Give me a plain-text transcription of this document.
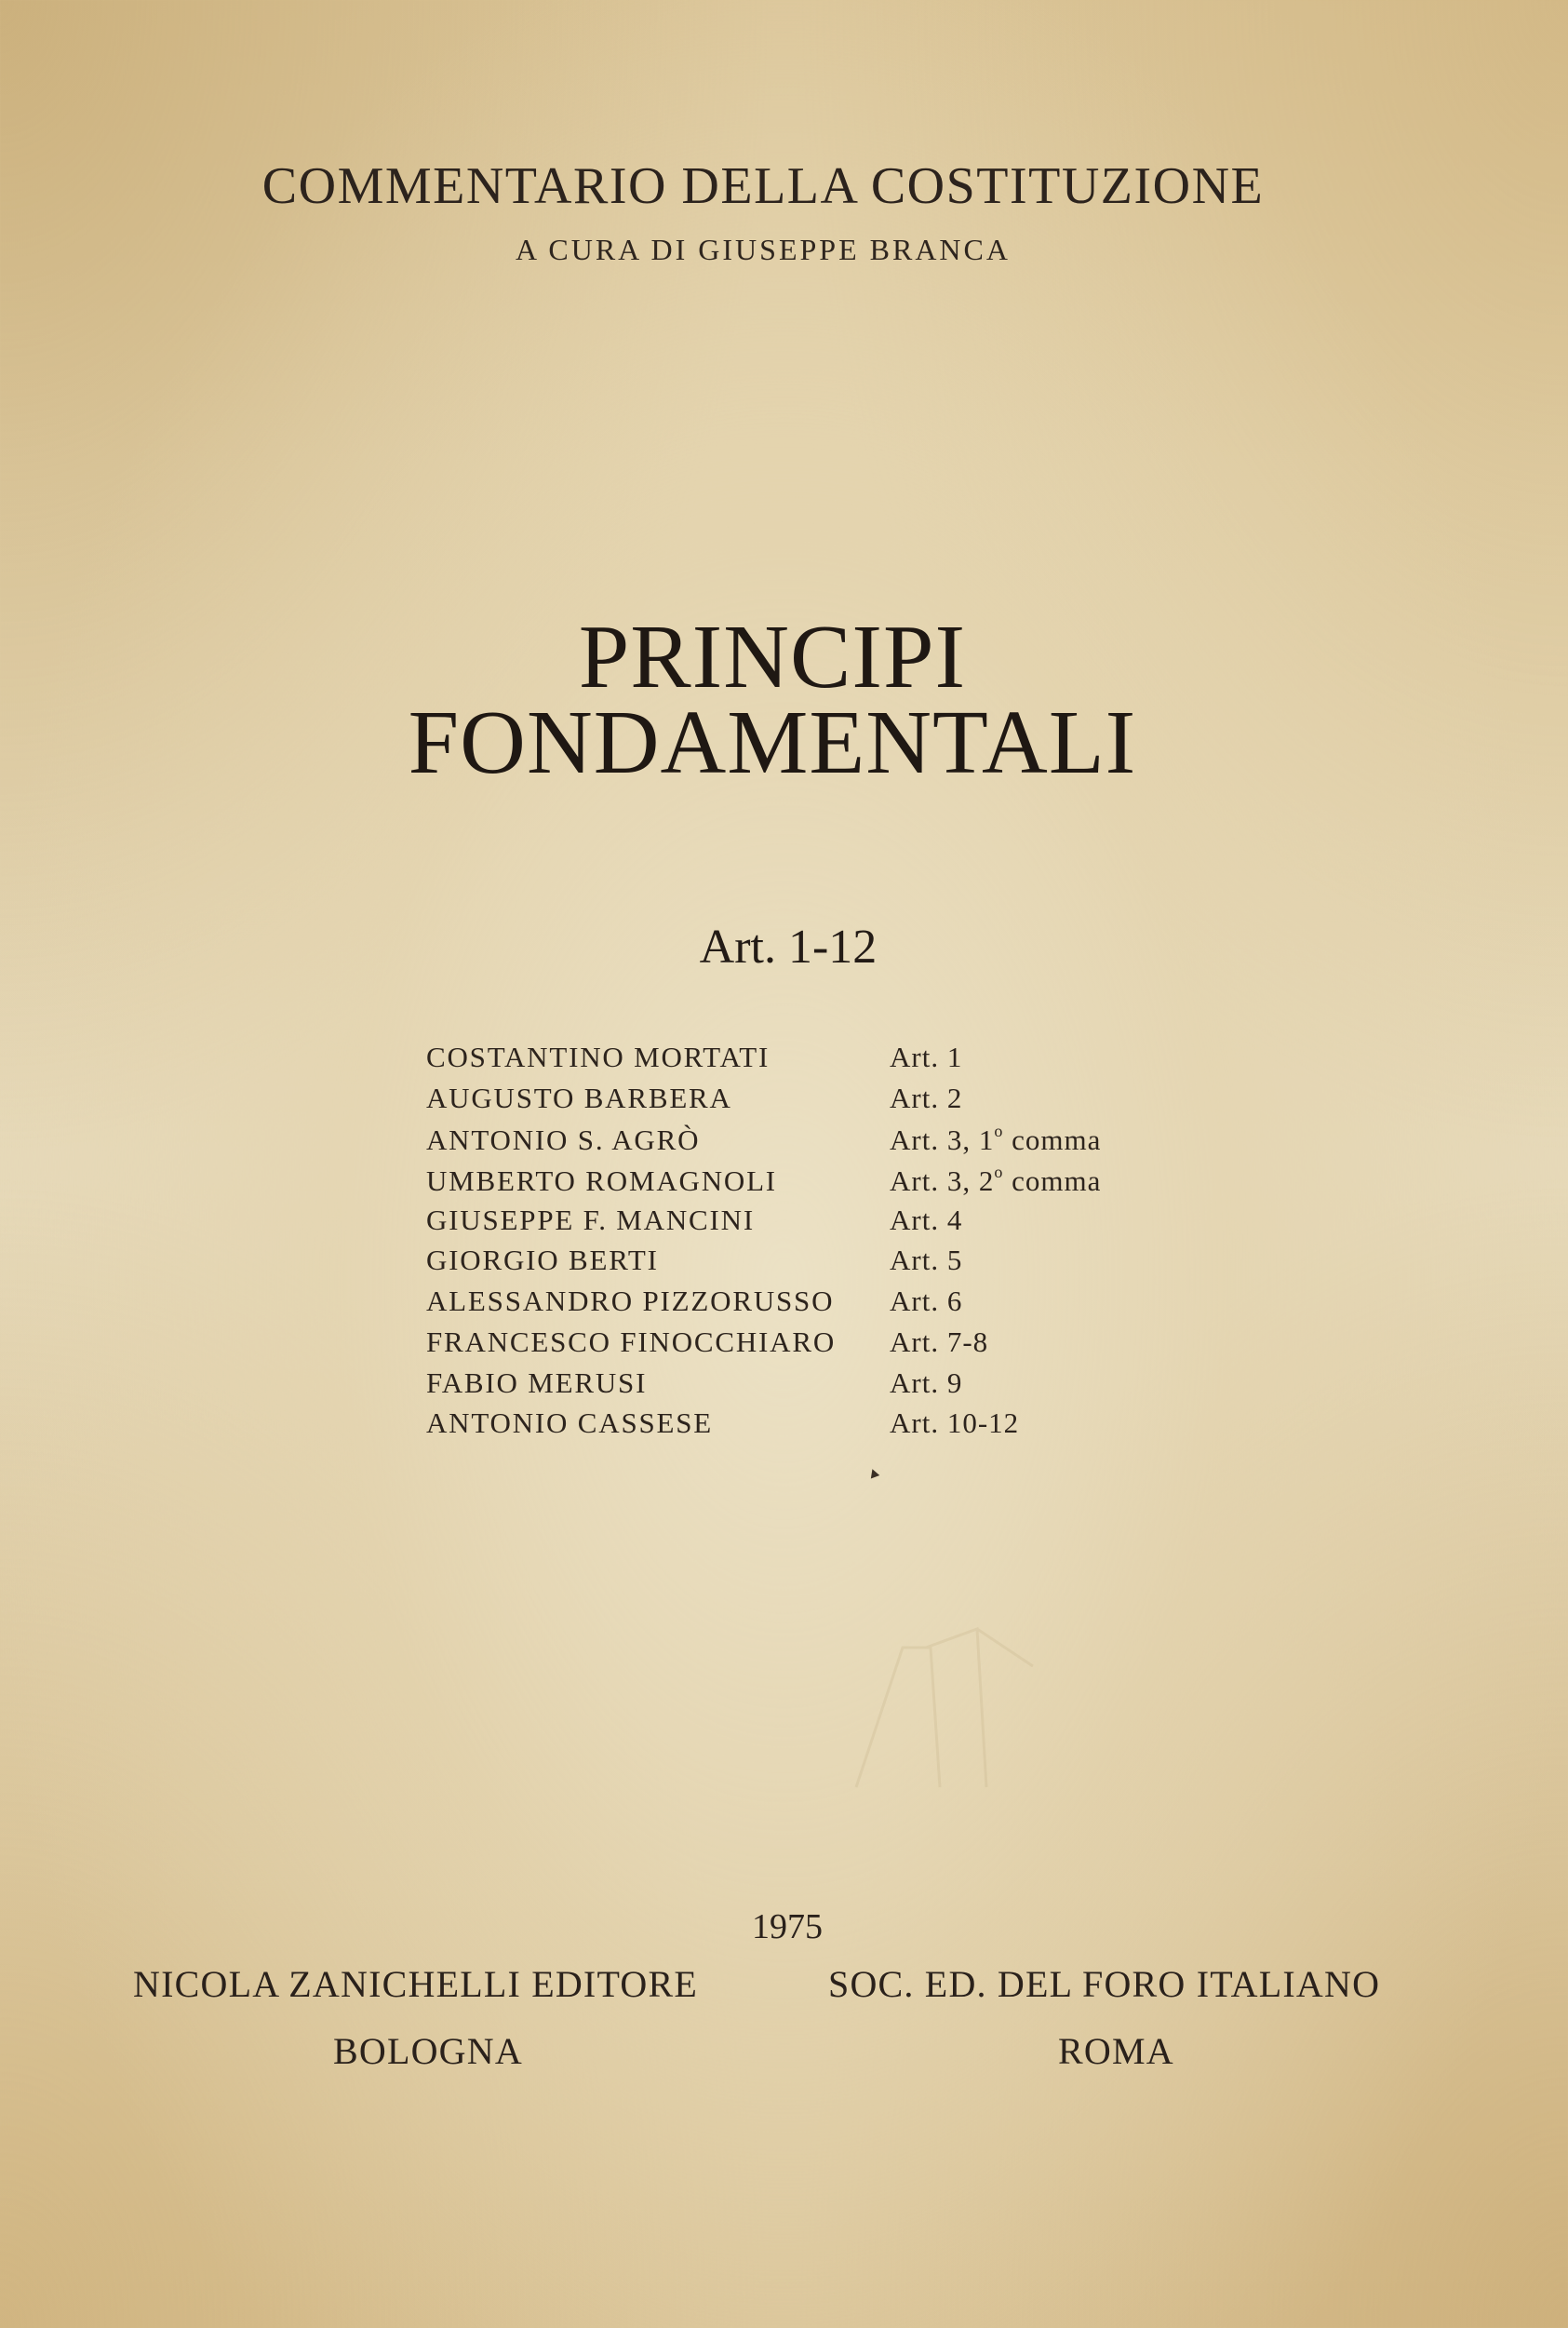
COMMENTARIO DELLA COSTITUZIONE
A CURA DI GIUSEPPE BRANCA
PRINCIPI
FONDAMENTALI
Art. 1-12
COSTANTINO MORTATI	Art. 1
AUGUSTO BARBERA	Art. 2
ANTONIO S. AGRÒ	Art. 3, 1$^o$ comma
UMBERTO ROMAGNOLI	Art. 3, 2$^o$ comma
GIUSEPPE F. MANCINI	Art. 4
GIORGIO BERTI	Art. 5
ALESSANDRO PIZZORUSSO	Art. 6
FRANCESCO FINOCCHIARO	Art. 7-8
FABIO MERUSI	Art. 9
ANTONIO CASSESE	Art. 10-12
1975
NICOLA ZANICHELLI EDITORE	SOC. ED. DEL FORO ITALIANO
BOLOGNA	ROMA
